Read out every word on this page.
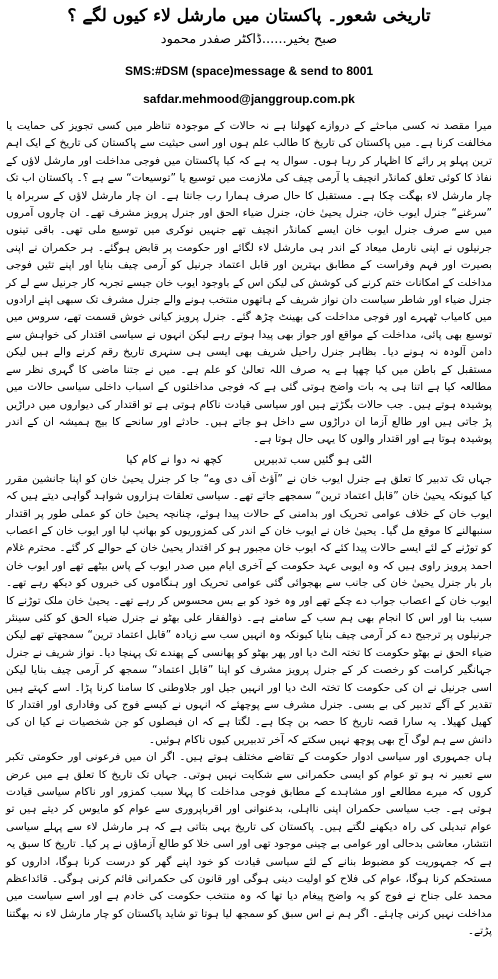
تاریخی شعور۔ پاکستان میں مارشل لاء کیوں لگے ؟
صبح بخیر......ڈاکٹر صفدر محمود
SMS:#DSM (space)message & send to 8001
safdar.mehmood@janggroup.com.pk

میرا مقصد نہ کسی مباحثے کے دروازے کھولنا ہے نہ حالات کے موجودہ تناظر میں کسی تجویز کی حمایت یا مخالفت کرنا ہے۔ میں پاکستان کی تاریخ کا طالب علم ہوں اور اسی حیثیت سے پاکستان کی تاریخ کے ایک اہم ترین پہلو پر رائے کا اظہار کر رہا ہوں۔ سوال یہ ہے کہ کیا پاکستان میں فوجی مداخلت اور مارشل لاؤں کے نفاذ کا کوئی تعلق کمانڈر انچیف یا آرمی چیف کی ملازمت میں توسیع یا ”توسیعات“ سے ہے ؟۔ پاکستان اب تک چار مارشل لاء بھگت چکا ہے۔ مستقبل کا حال صرف ہمارا رب جانتا ہے۔ ان چار مارشل لاؤں کے سربراہ یا ”سرغنے“ جنرل ایوب خان، جنرل یحییٰ خان، جنرل ضیاء الحق اور جنرل پرویز مشرف تھے۔ ان چاروں آمروں میں سے صرف جنرل ایوب خان ایسے کمانڈر انچیف تھے جنہیں نوکری میں توسیع ملی تھی۔ باقی تینوں جرنیلوں نے اپنی نارمل میعاد کے اندر ہی مارشل لاء لگائے اور حکومت پر قابض ہوگئے۔ ہر حکمران نے اپنی بصیرت اور فہم وفراست کے مطابق بہترین اور قابل اعتماد جرنیل کو آرمی چیف بنایا اور اپنے تئیں فوجی مداخلت کے امکانات ختم کرنے کی کوشش کی لیکن اس کے باوجود ایوب خان جیسے تجربہ کار جرنیل سے لے کر جنرل ضیاء اور شاطر سیاست دان نواز شریف کے ہاتھوں منتخب ہونے والے جنرل مشرف تک سبھی اپنے ارادوں میں کامیاب ٹھہرے اور فوجی مداخلت کی بھینٹ چڑھ گئے۔ جنرل پرویز کیانی خوش قسمت تھے، سروس میں توسیع بھی پائی، مداخلت کے مواقع اور جواز بھی پیدا ہوتے رہے لیکن انہوں نے سیاسی اقتدار کی خواہش سے دامن آلودہ نہ ہونے دیا۔ بظاہر جنرل راحیل شریف بھی ایسی ہی سنہری تاریخ رقم کرنے والے ہیں لیکن مستقبل کے باطن میں کیا چھپا ہے یہ صرف اللہ تعالیٰ کو علم ہے۔ میں نے جتنا ماضی کا گہری نظر سے مطالعہ کیا ہے اتنا ہی یہ بات واضح ہوتی گئی ہے کہ فوجی مداخلتوں کے اسباب داخلی سیاسی حالات میں پوشیدہ ہوتے ہیں۔ جب حالات بگڑتے ہیں اور سیاسی قیادت ناکام ہوتی ہے تو اقتدار کی دیواروں میں دراڑیں پڑ جاتی ہیں اور طالع آزما ان دراڑوں سے داخل ہو جاتے ہیں۔ حادثے اور سانحے کا بیج ہمیشہ ان کے اندر پوشیدہ ہوتا ہے اور اقتدار والوں کا یہی حال ہوتا ہے۔

الٹی ہو گئیں سب تدبیریں کچھ نہ دوا نے کام کیا

جہاں تک تدبیر کا تعلق ہے جنرل ایوب خان نے ”آؤٹ آف دی وے“ جا کر جنرل یحییٰ خان کو اپنا جانشین مقرر کیا کیونکہ یحییٰ خان ”قابل اعتماد ترین“ سمجھے جاتے تھے۔ سیاسی تعلقات ہزاروں شواہد گواہی دیتے ہیں کہ ایوب خان کے خلاف عوامی تحریک اور بدامنی کے حالات پیدا ہوئے، چنانچہ یحییٰ خان کو عملی طور پر اقتدار سنبھالنے کا موقع مل گیا۔ یحییٰ خان نے ایوب خان کے اندر کی کمزوریوں کو بھانپ لیا اور ایوب خان کے اعصاب کو توڑنے کے لئے ایسے حالات پیدا کئے کہ ایوب خان مجبور ہو کر اقتدار یحییٰ خان کے حوالے کر گئے۔ محترم غلام احمد پرویز راوی ہیں کہ وہ ایوبی عہد حکومت کے آخری ایام میں صدر ایوب کے پاس بیٹھے تھے اور ایوب خان بار بار جنرل یحییٰ خان کی جانب سے بھجوائی گئی عوامی تحریک اور ہنگاموں کی خبروں کو دیکھ رہے تھے۔ ایوب خان کے اعصاب جواب دے چکے تھے اور وہ خود کو بے بس محسوس کر رہے تھے۔ یحییٰ خان ملک توڑنے کا سبب بنا اور اس کا انجام بھی ہم سب کے سامنے ہے۔ ذوالفقار علی بھٹو نے جنرل ضیاء الحق کو کئی سینئر جرنیلوں پر ترجیح دے کر آرمی چیف بنایا کیونکہ وہ انہیں سب سے زیادہ ”قابل اعتماد ترین“ سمجھتے تھے لیکن ضیاء الحق نے بھٹو حکومت کا تختہ الٹ دیا اور پھر بھٹو کو پھانسی کے پھندے تک پہنچا دیا۔ نواز شریف نے جنرل جہانگیر کرامت کو رخصت کر کے جنرل پرویز مشرف کو اپنا ”قابل اعتماد“ سمجھ کر آرمی چیف بنایا لیکن اسی جرنیل نے ان کی حکومت کا تختہ الٹ دیا اور انہیں جیل اور جلاوطنی کا سامنا کرنا پڑا۔ اسے کہتے ہیں تقدیر کے آگے تدبیر کی بے بسی۔ جنرل مشرف سے پوچھئے کہ انہوں نے کیسے فوج کی وفاداری اور اقتدار کا کھیل کھیلا۔ یہ سارا قصہ تاریخ کا حصہ بن چکا ہے۔ لگتا ہے کہ ان فیصلوں کو جن شخصیات نے کیا ان کی دانش سے ہم لوگ آج بھی پوچھ نہیں سکتے کہ آخر تدبیریں کیوں ناکام ہوئیں۔

ہاں جمہوری اور سیاسی ادوار حکومت کے تقاضے مختلف ہوتے ہیں۔ اگر ان میں فرعونی اور حکومتی تکبر سے تعبیر نہ ہو تو عوام کو ایسی حکمرانی سے شکایت نہیں ہوتی۔ جہاں تک تاریخ کا تعلق ہے میں عرض کروں کہ میرے مطالعے اور مشاہدے کے مطابق فوجی مداخلت کا پہلا سبب کمزور اور ناکام سیاسی قیادت ہوتی ہے۔ جب سیاسی حکمران اپنی نااہلی، بدعنوانی اور اقرباپروری سے عوام کو مایوس کر دیتے ہیں تو عوام تبدیلی کی راہ دیکھنے لگتے ہیں۔ پاکستان کی تاریخ یہی بتاتی ہے کہ ہر مارشل لاء سے پہلے سیاسی انتشار، معاشی بدحالی اور عوامی بے چینی موجود تھی اور اسی خلا کو طالع آزماؤں نے پر کیا۔ تاریخ کا سبق یہ ہے کہ جمہوریت کو مضبوط بنانے کے لئے سیاسی قیادت کو خود اپنے گھر کو درست کرنا ہوگا، اداروں کو مستحکم کرنا ہوگا، عوام کی فلاح کو اولیت دینی ہوگی اور قانون کی حکمرانی قائم کرنی ہوگی۔ قائداعظم محمد علی جناح نے فوج کو یہ واضح پیغام دیا تھا کہ وہ منتخب حکومت کی خادم ہے اور اسے سیاست میں مداخلت نہیں کرنی چاہئے۔ اگر ہم نے اس سبق کو سمجھ لیا ہوتا تو شاید پاکستان کو چار مارشل لاء نہ بھگتنا پڑتے۔
